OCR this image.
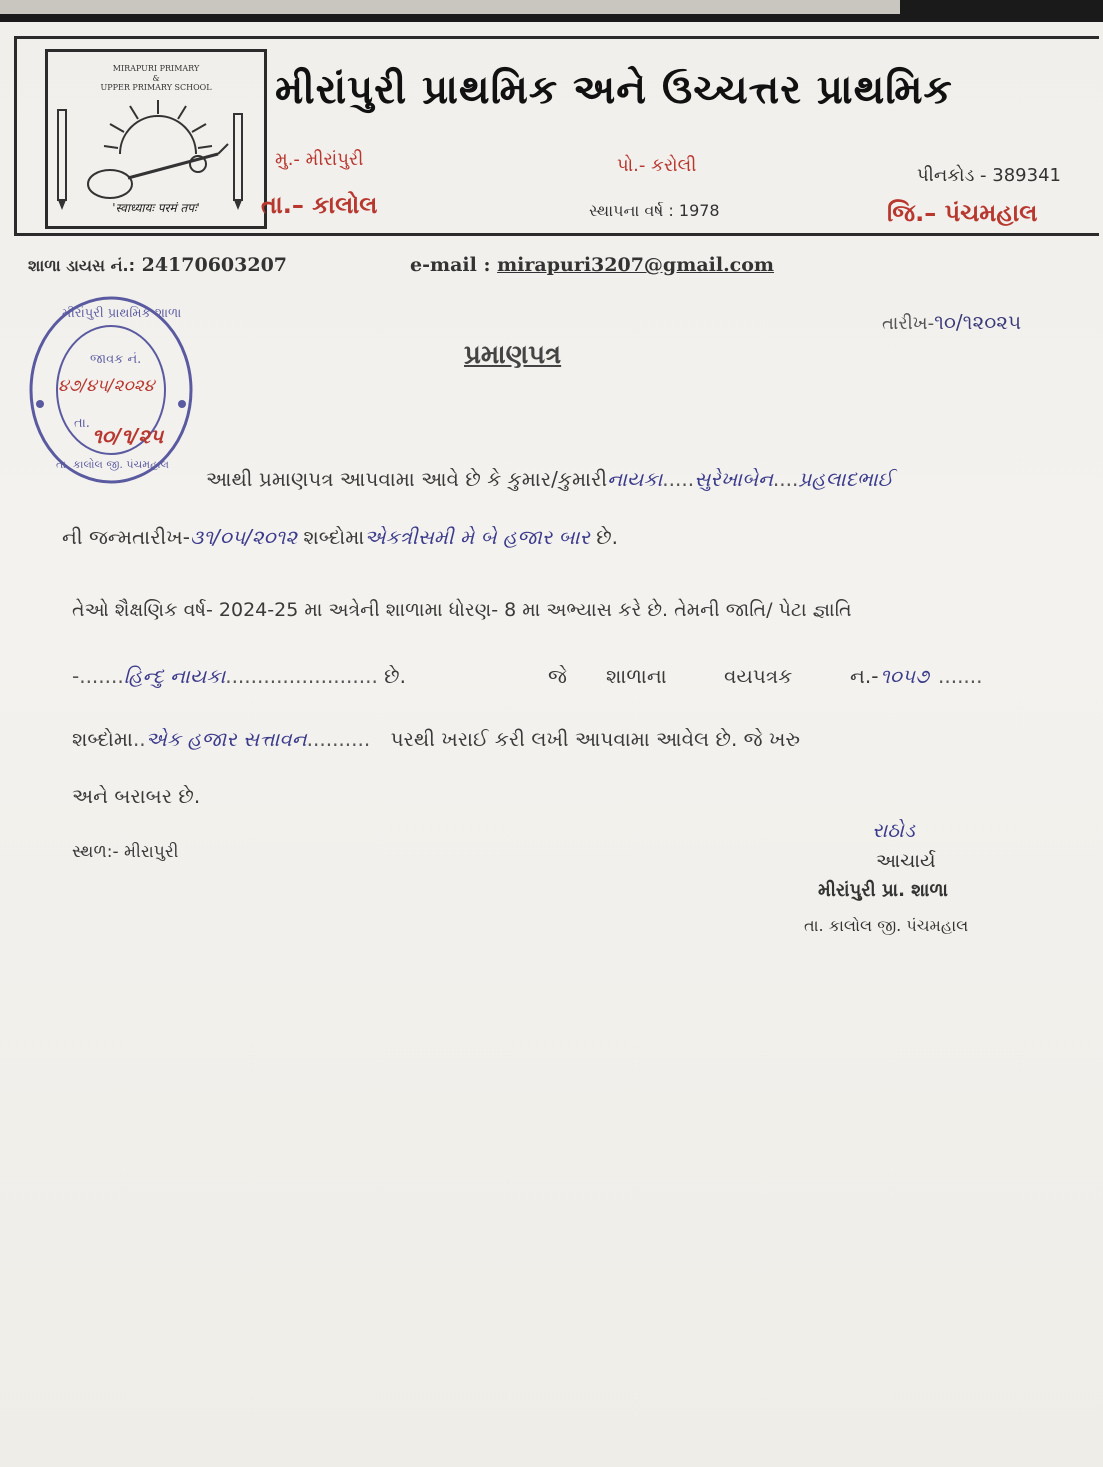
MIRAPURI PRIMARY
&
UPPER PRIMARY SCHOOL
'स्वाध्यायः परमं तपः'
મીરાંપુરી પ્રાથમિક અને ઉચ્ચત્તર પ્રાથમિક
મુ.- મીરાંપુરી	પો.- કરોલી	પીનકોડ - 389341
તા.– કાલોલ	સ્થાપના વર્ષ : 1978	જિ.– પંચમહાલ
શાળા ડાયસ નં.: 24170603207	e-mail : mirapuri3207@gmail.com
તારીખ-૧૦/૧૨૦૨૫
મીરાંપુરી પ્રાથમિક શાળા
જાવક નં.
૪૭/૪૫/૨૦૨૪
તા.
૧૦/૧/૨૫
તા. કાલોલ જી. પંચમહાલ
પ્રમાણપત્ર
આથી પ્રમાણપત્ર આપવામા આવે છે કે કુમાર/કુમારીનાયકા.....સુરેખાબેન....પ્રહલાદભાઈ
ની જન્મતારીખ-૩૧/૦૫/૨૦૧૨ શબ્દોમાએકત્રીસમી મે બે હજાર બાર છે.
તેઓ શૈક્ષણિક વર્ષ- 2024-25 મા અત્રેની શાળામા ધોરણ- 8 મા અભ્યાસ કરે છે. તેમની જાતિ/ પેટા જ્ઞાતિ
-.......હિન્દુ નાયકા........................ છે.	જે શાળાના	વયપત્રક	ન.- ૧૦૫૭ .......
શબ્દોમા..એક હજાર સત્તાવન.......... પરથી ખરાઈ કરી લખી આપવામા આવેલ છે. જે ખરુ
અને બરાબર છે.
સ્થળ:- મીરાપુરી
રાઠોડ
આચાર્ય
મીરાંપુરી પ્રા. શાળા
તા. કાલોલ જી. પંચમહાલ
